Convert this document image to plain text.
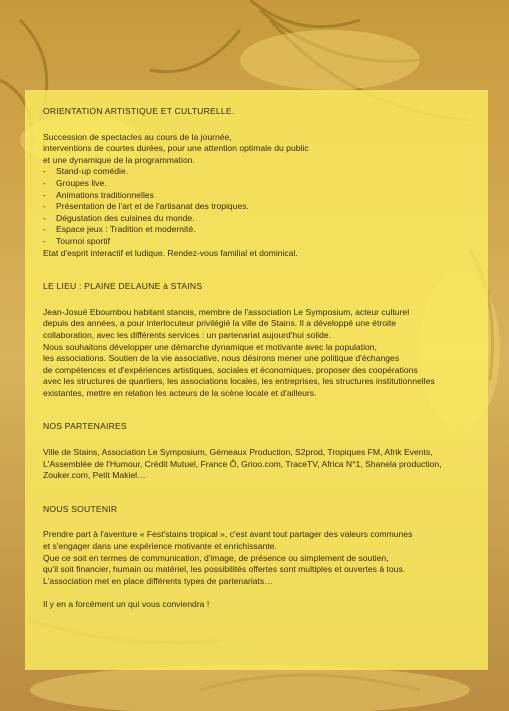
ORIENTATION ARTISTIQUE ET CULTURELLE.

Succession de spectacles au cours de la journée,

interventions de courtes durées, pour une attention optimale du public

et une dynamique de la programmation.

- Stand-up comédie.
- Groupes live.
- Animations traditionnelles
- Présentation de l'art et de l'artisanat des tropiques.
- Dégustation des cuisines du monde.
- Espace jeux : Tradition et modernité.
- Tournoi sportif

Etat d'esprit interactif et ludique. Rendez-vous familial et dominical.

LE LIEU : PLAINE DELAUNE à STAINS

Jean-Josué Eboumbou habitant stanois, membre de l'association Le Symposium, acteur culturel

depuis des années, a pour interlocuteur privilégié la ville de Stains. Il a développé une étroite

collaboration, avec les différents services : un partenariat aujourd'hui solide.

Nous souhaitons développer une démarche dynamique et motivante avec la population,

les associations. Soutien de la vie associative, nous désirons mener une politique d'échanges

de compétences et d'expériences artistiques, sociales et économiques, proposer des coopérations

avec les structures de quartiers, les associations locales, les entreprises, les structures institutionnelles

existantes, mettre en relation les acteurs de la scène locale et d'ailleurs.

NOS PARTENAIRES

Ville de Stains, Association Le Symposium, Gémeaux Production, S2prod, Tropiques FM, Afrik Events,

L'Assemblée de l'Humour, Crédit Mutuel, France Ô, Grioo.com, TraceTV, Africa N°1, Shanela production,

Zouker.com, Petit Makiel…

NOUS SOUTENIR

Prendre part à l'aventure « Fest'stains tropical », c'est avant tout partager des valeurs communes

et s'engager dans une expérience motivante et enrichissante.

Que ce soit en termes de communication, d'image, de présence ou simplement de soutien,

qu'il soit financier, humain ou matériel, les possibilités offertes sont multiples et ouvertes à tous.

L'association met en place différents types de partenariats…

Il y en a forcément un qui vous conviendra !
